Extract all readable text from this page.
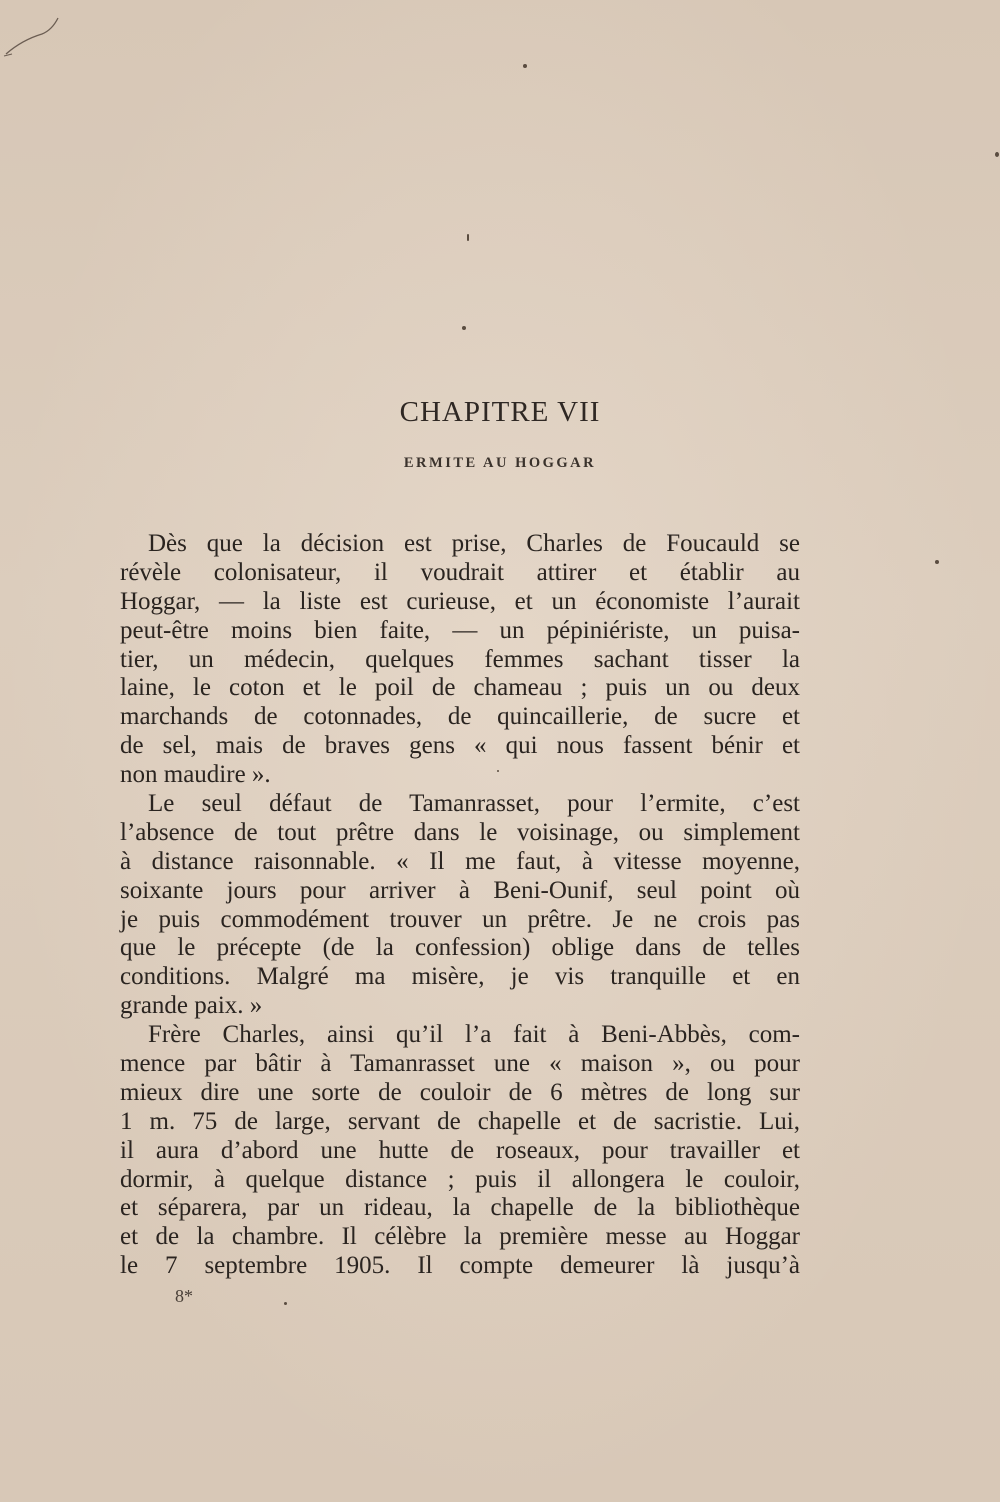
CHAPITRE VII
ERMITE AU HOGGAR
Dès que la décision est prise, Charles de Foucauld se
révèle colonisateur, il voudrait attirer et établir au
Hoggar, — la liste est curieuse, et un économiste l’aurait
peut-être moins bien faite, — un pépiniériste, un puisa-
tier, un médecin, quelques femmes sachant tisser la
laine, le coton et le poil de chameau ; puis un ou deux
marchands de cotonnades, de quincaillerie, de sucre et
de sel, mais de braves gens « qui nous fassent bénir et
non maudire ».
Le seul défaut de Tamanrasset, pour l’ermite, c’est
l’absence de tout prêtre dans le voisinage, ou simplement
à distance raisonnable. « Il me faut, à vitesse moyenne,
soixante jours pour arriver à Beni-Ounif, seul point où
je puis commodément trouver un prêtre. Je ne crois pas
que le précepte (de la confession) oblige dans de telles
conditions. Malgré ma misère, je vis tranquille et en
grande paix. »
Frère Charles, ainsi qu’il l’a fait à Beni-Abbès, com-
mence par bâtir à Tamanrasset une « maison », ou pour
mieux dire une sorte de couloir de 6 mètres de long sur
1 m. 75 de large, servant de chapelle et de sacristie. Lui,
il aura d’abord une hutte de roseaux, pour travailler et
dormir, à quelque distance ; puis il allongera le couloir,
et séparera, par un rideau, la chapelle de la bibliothèque
et de la chambre. Il célèbre la première messe au Hoggar
le 7 septembre 1905. Il compte demeurer là jusqu’à
8*
